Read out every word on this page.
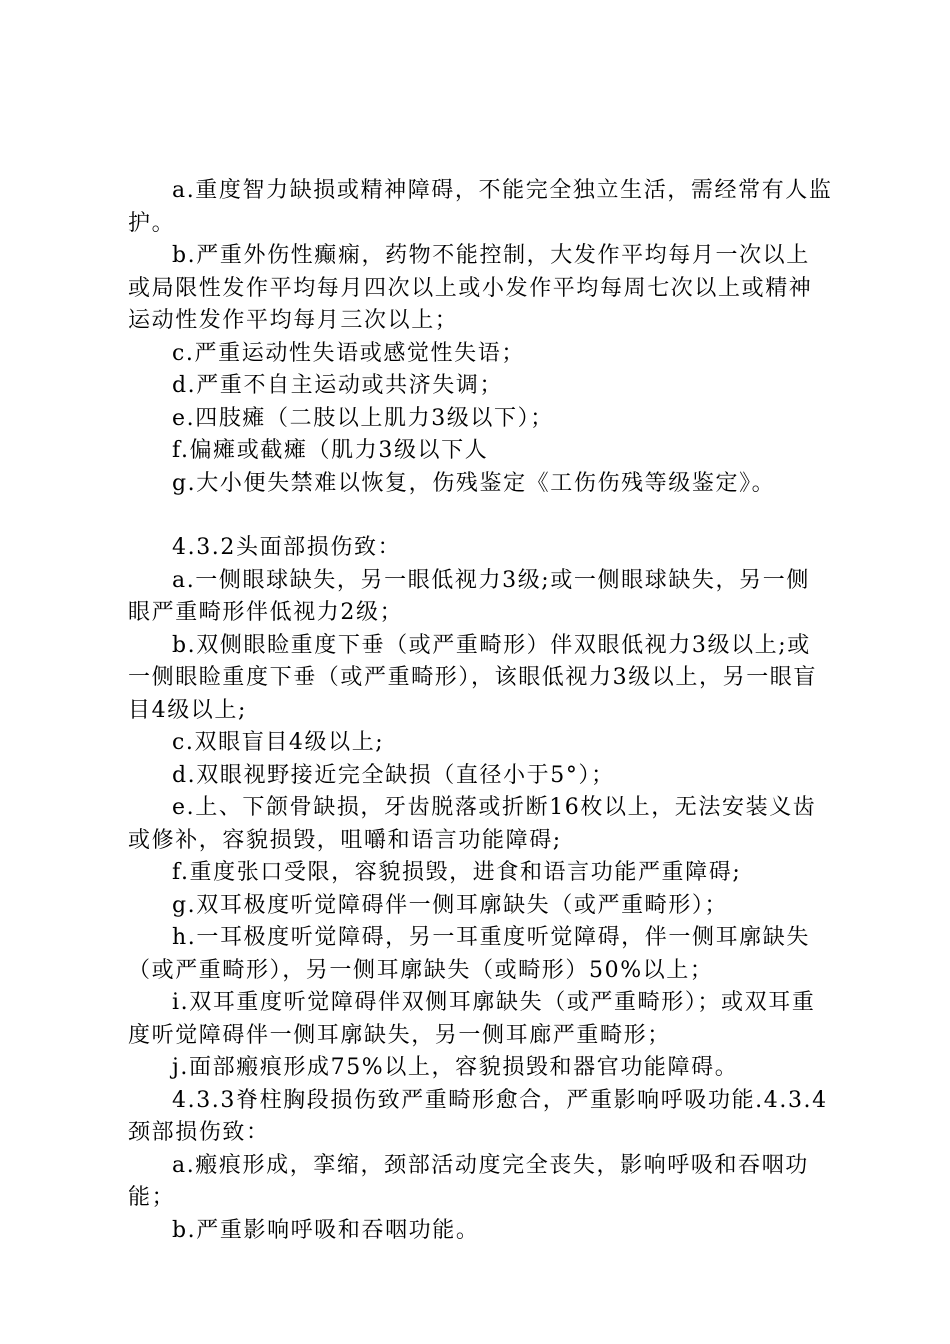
a.重度智力缺损或精神障碍，不能完全独立生活，需经常有人监护。

b.严重外伤性癫痫，药物不能控制，大发作平均每月一次以上或局限性发作平均每月四次以上或小发作平均每周七次以上或精神运动性发作平均每月三次以上；

c.严重运动性失语或感觉性失语；

d.严重不自主运动或共济失调；

e.四肢瘫（二肢以上肌力3级以下）；

f.偏瘫或截瘫（肌力3级以下人

g.大小便失禁难以恢复，伤残鉴定《工伤伤残等级鉴定》。

4.3.2头面部损伤致：

a.一侧眼球缺失，另一眼低视力3级;或一侧眼球缺失，另一侧眼严重畸形伴低视力2级；

b.双侧眼睑重度下垂（或严重畸形）伴双眼低视力3级以上;或一侧眼睑重度下垂（或严重畸形），该眼低视力3级以上，另一眼盲目4级以上;

c.双眼盲目4级以上;

d.双眼视野接近完全缺损（直径小于5°）；

e.上、下颌骨缺损，牙齿脱落或折断16枚以上，无法安装义齿或修补，容貌损毁，咀嚼和语言功能障碍;

f.重度张口受限，容貌损毁，进食和语言功能严重障碍;

g.双耳极度听觉障碍伴一侧耳廓缺失（或严重畸形）；

h.一耳极度听觉障碍，另一耳重度听觉障碍，伴一侧耳廓缺失（或严重畸形），另一侧耳廓缺失（或畸形）50%以上；

i.双耳重度听觉障碍伴双侧耳廓缺失（或严重畸形）；或双耳重度听觉障碍伴一侧耳廓缺失，另一侧耳廊严重畸形；

j.面部瘢痕形成75%以上，容貌损毁和器官功能障碍。

4.3.3脊柱胸段损伤致严重畸形愈合，严重影响呼吸功能.4.3.4颈部损伤致：

a.瘢痕形成，挛缩，颈部活动度完全丧失，影响呼吸和吞咽功能；

b.严重影响呼吸和吞咽功能。
